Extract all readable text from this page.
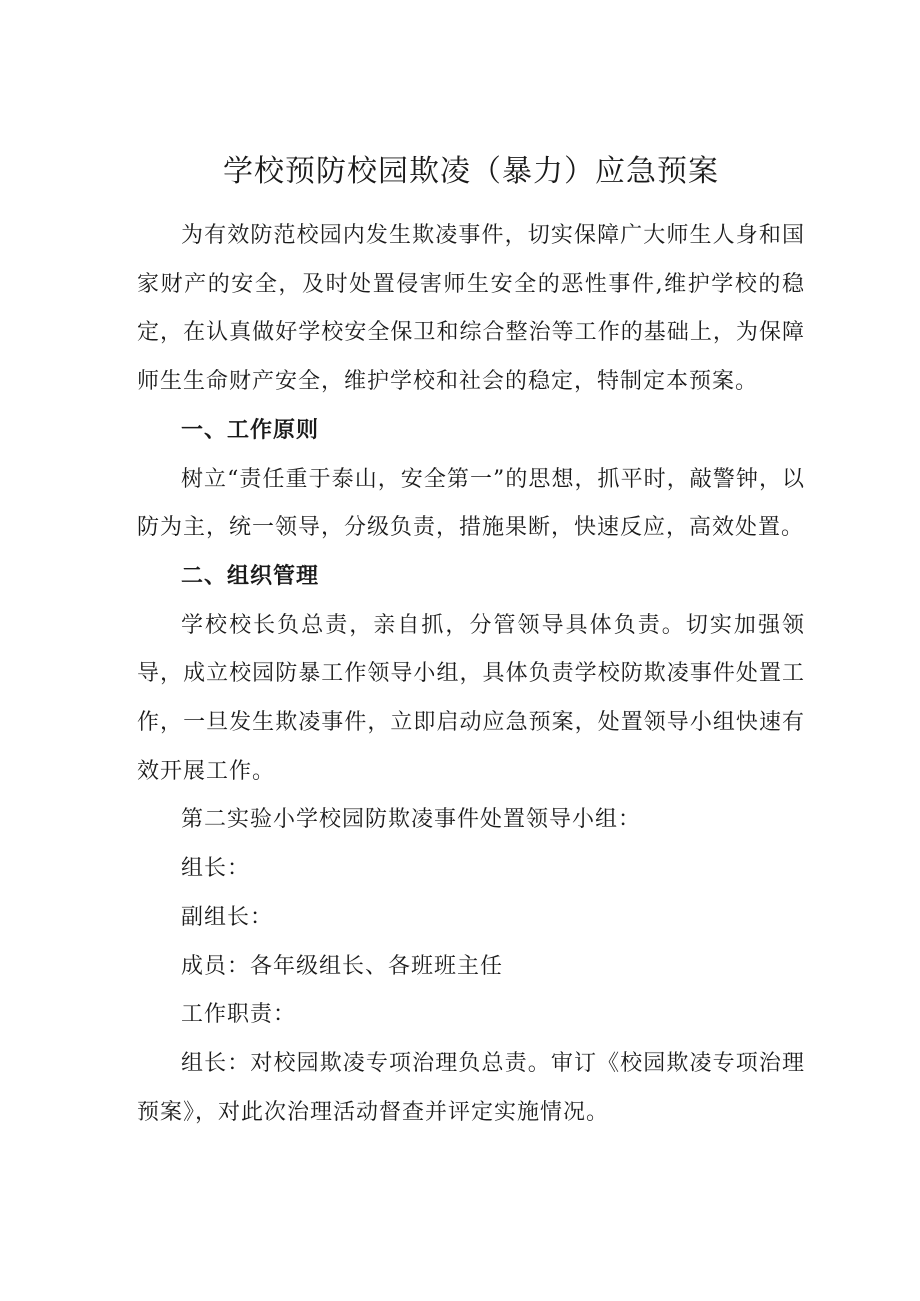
学校预防校园欺凌（暴力）应急预案

为有效防范校园内发生欺凌事件，切实保障广大师生人身和国家财产的安全，及时处置侵害师生安全的恶性事件,维护学校的稳定，在认真做好学校安全保卫和综合整治等工作的基础上，为保障师生生命财产安全，维护学校和社会的稳定，特制定本预案。

一、工作原则

树立“责任重于泰山，安全第一”的思想，抓平时，敲警钟，以防为主，统一领导，分级负责，措施果断，快速反应，高效处置。

二、组织管理

学校校长负总责，亲自抓，分管领导具体负责。切实加强领导，成立校园防暴工作领导小组，具体负责学校防欺凌事件处置工作，一旦发生欺凌事件，立即启动应急预案，处置领导小组快速有效开展工作。

第二实验小学校园防欺凌事件处置领导小组：

组长：

副组长：

成员：各年级组长、各班班主任

工作职责：

组长：对校园欺凌专项治理负总责。审订《校园欺凌专项治理预案》，对此次治理活动督查并评定实施情况。
